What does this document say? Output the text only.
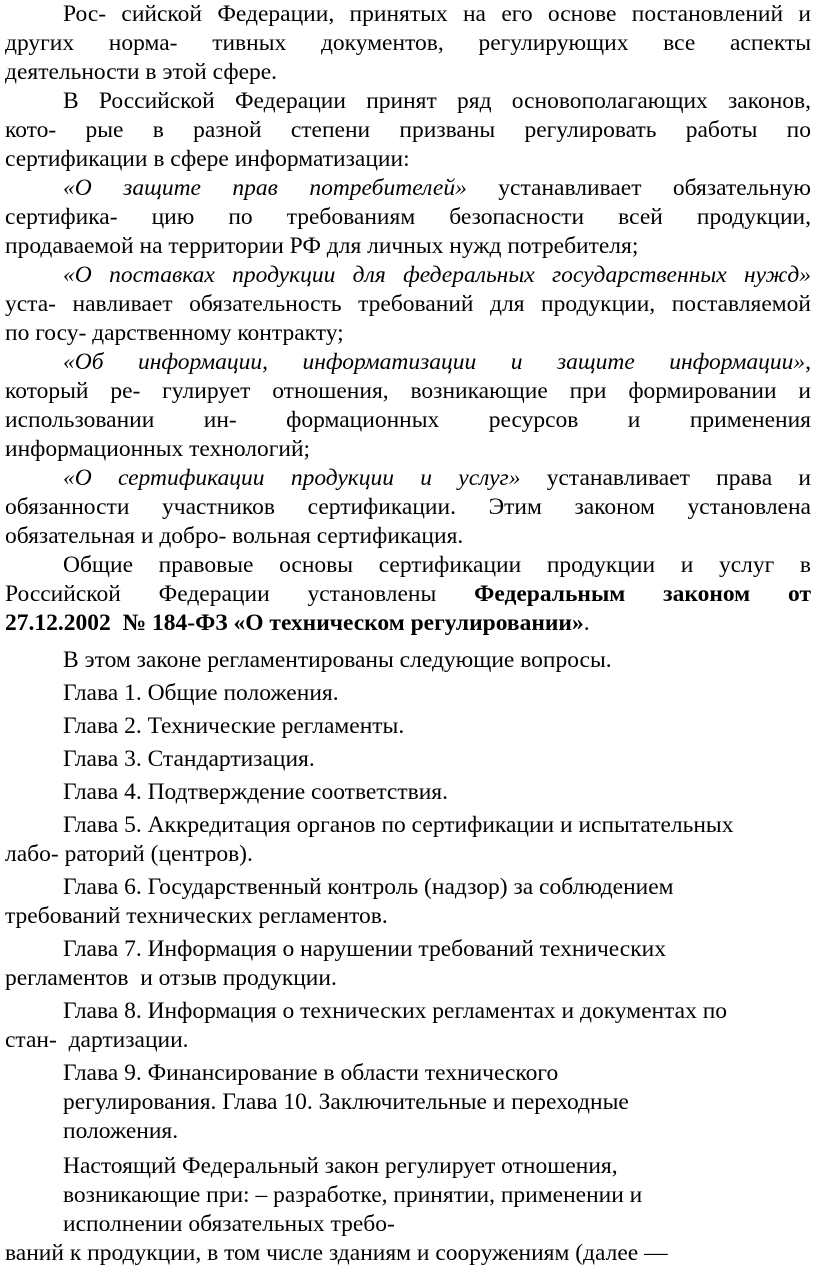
Рос- сийской Федерации, принятых на его основе постановлений и

других норма- тивных документов, регулирующих все аспекты

деятельности в этой сфере.

В Российской Федерации принят ряд основополагающих законов,

кото- рые в разной степени призваны регулировать работы по

сертификации в сфере информатизации:

«О защите прав потребителей» устанавливает обязательную

сертифика- цию по требованиям безопасности всей продукции,

продаваемой на территории РФ для личных нужд потребителя;

«О поставках продукции для федеральных государственных нужд»

уста- навливает обязательность требований для продукции, поставляемой

по госу- дарственному контракту;

«Об информации, информатизации и защите информации»,

который ре- гулирует отношения, возникающие при формировании и

использовании ин- формационных ресурсов и применения

информационных технологий;

«О сертификации продукции и услуг» устанавливает права и

обязанности участников сертификации. Этим законом установлена

обязательная и добро- вольная сертификация.

Общие правовые основы сертификации продукции и услуг в

Российской Федерации установлены Федеральным законом от

27.12.2002  № 184-ФЗ «О техническом регулировании».

В этом законе регламентированы следующие вопросы.

Глава 1. Общие положения.

Глава 2. Технические регламенты.

Глава 3. Стандартизация.

Глава 4. Подтверждение соответствия.

Глава 5. Аккредитация органов по сертификации и испытательных

лабо- раторий (центров).

Глава 6. Государственный контроль (надзор) за соблюдением

требований технических регламентов.

Глава 7. Информация о нарушении требований технических

регламентов  и отзыв продукции.

Глава 8. Информация о технических регламентах и документах по

стан-  дартизации.

Глава 9. Финансирование в области технического

регулирования. Глава 10. Заключительные и переходные

положения.

Настоящий Федеральный закон регулирует отношения,

возникающие при: – разработке, принятии, применении и

исполнении обязательных требо-

ваний к продукции, в том числе зданиям и сооружениям (далее —
